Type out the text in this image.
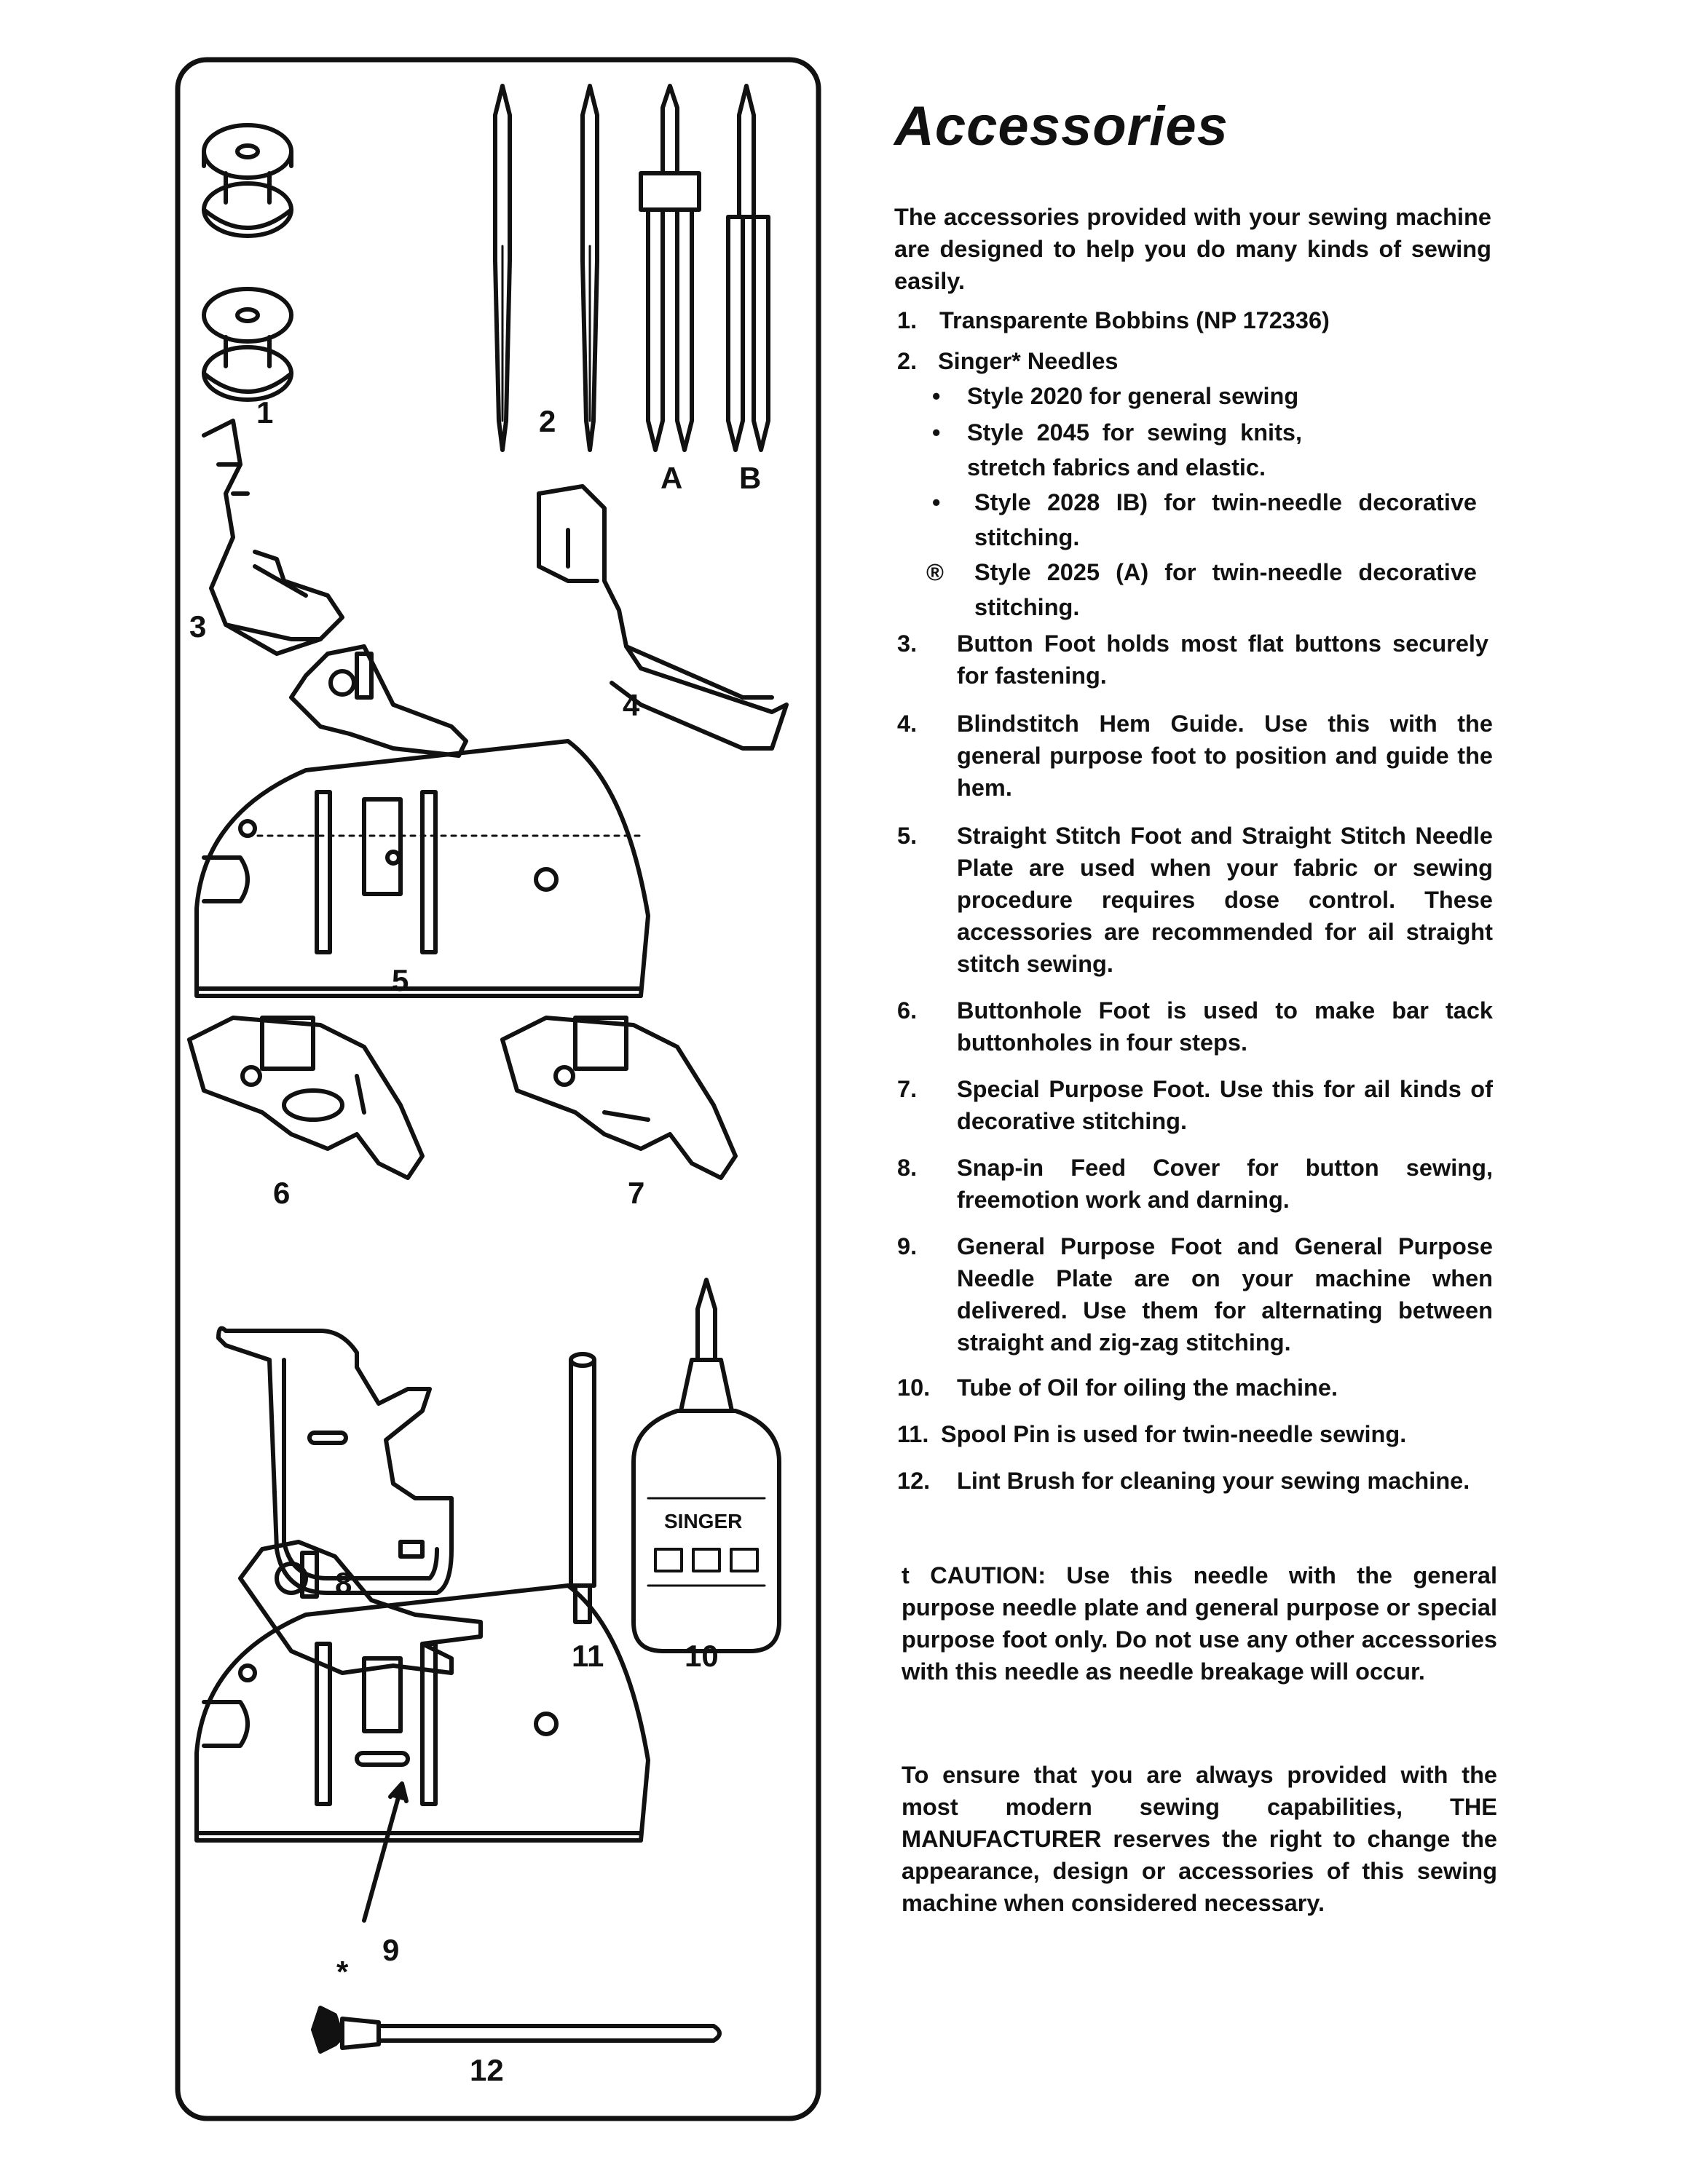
1	2
A B
3
4
5
6	7
8
11	10
SINGER
9
*
12
Accessories

The accessories provided with your sewing machine are designed to help you do many kinds of sewing easily.

1. Transparente Bobbins (NP 172336)
2. Singer* Needles
• Style 2020 for general sewing
• Style 2045 for sewing knits, stretch fabrics and elastic.
• Style 2028 IB) for twin-needle decorative stitching.
® Style 2025 (A) for twin-needle decorative stitching.
3. Button Foot holds most flat buttons securely for fastening.
4. Blindstitch Hem Guide. Use this with the general purpose foot to position and guide the hem.
5. Straight Stitch Foot and Straight Stitch Needle Plate are used when your fabric or sewing procedure requires dose control. These accessories are recommended for ail straight stitch sewing.
6. Buttonhole Foot is used to make bar tack buttonholes in four steps.
7. Special Purpose Foot. Use this for ail kinds of decorative stitching.
8. Snap-in Feed Cover for button sewing, freemotion work and darning.
9. General Purpose Foot and General Purpose Needle Plate are on your machine when delivered. Use them for alternating between straight and zig-zag stitching.
10. Tube of Oil for oiling the machine.
11. Spool Pin is used for twin-needle sewing.
12. Lint Brush for cleaning your sewing machine.

t CAUTION: Use this needle with the general purpose needle plate and general purpose or special purpose foot only. Do not use any other accessories with this needle as needle breakage will occur.

To ensure that you are always provided with the most modern sewing capabilities, THE MANUFACTURER reserves the right to change the appearance, design or accessories of this sewing machine when considered necessary.
